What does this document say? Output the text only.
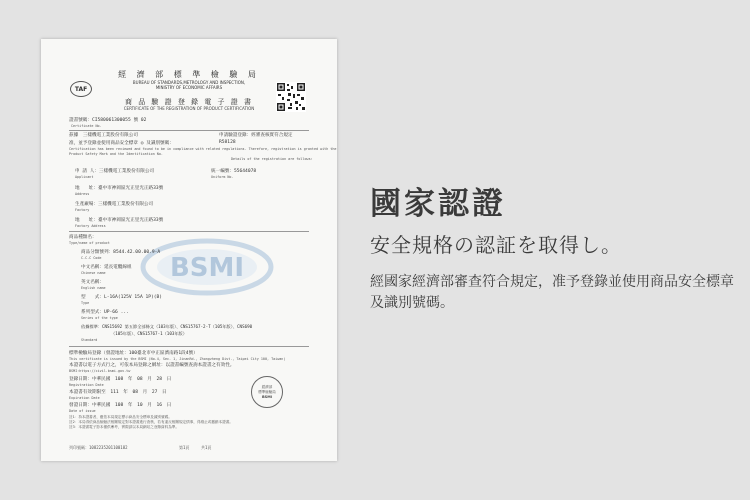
經 濟 部 標 準 檢 驗 局
BUREAU OF STANDARDS,METROLOGY AND INSPECTION,
MINISTRY OF ECONOMIC AFFAIRS
TAF
商 品 驗 證 登 錄 電 子 證 書
CERTIFICATE OF THE REGISTRATION OF PRODUCT CERTIFICATION
證書號碼：CI580061300055 號 02
Certificate No.
茲據　 三樣機電工業股份有限公司	申請驗證登錄：經審查核實符合規定
准，並予登錄並使用商品安全標章 ◎ 及識別號碼：	R58128
Certification has been reviewed and found to be in compliance with related regulations. Therefore, registration is granted with the
Product Safety Mark and the Identification No.
Details of the registration are follows:
申 請 人：三樣機電工業股份有限公司
Applicant
統一編號：55644078
Uniform No.
地　　址：臺中市神岡區光正里光正路33號
Address
生產廠場：三樣機電工業股份有限公司
Factory
地　　址：臺中市神岡區光正里光正路33號
Factory Address
商品種類名：
Type/name of product
BSMI
商品分類號列：8544.42.00.00.9-A
C.C.C Code
中文名稱：延長電纜線組
Chinese name
英文名稱：
English name
型　　式：L-16A(125V 15A 1P)(B)
Type
系列型式：UP-66 ...
Series of the type
依據標準：CNS15692 第五節全部條文（103年版）、CNS15767-2-T（105年版）、CNS690
（105年版）、CNS15767-1（103年版）
Standard
標準檢驗局登錄（發證地址：100臺北市中正區濟南路1段4號）
This certificate is issued by the BSMI (No.4, Sec. 1, JinanRd., Zhongzheng Dist., Taipei City 100, Taiwan)
本證書以電子方式行之，可依本局登錄之網址：以證書編號查詢本證書之有效性。
BSMI:https://civil.bsmi.gov.tw
登錄日期：中華民國　 108　 年　 08　 月　 28　 日
Registration Date
本證書有效期限至　 111　 年　 08　 月　 27　 日
Expiration Date
發證日期：中華民國　 108　 年　 10　 月　 16　 日
Date of issue
經濟部
標準檢驗局
BSMI
註1：持本證書者，應依本局規定標示商品安全標章及識別號碼。
註2：本局得依商品檢驗法相關規定對本證書進行查核，若有違反相關規定情事，得廢止或撤銷本證書。
註3：本證書電子影本僅供參考，實際請以本局網站之登錄資料為準。
列印號碼：1082235201100182	第1頁	共1頁
國家認證
安全規格の認証を取得し。
經國家經濟部審查符合規定，准予登錄並使用商品安全標章及識別號碼。
